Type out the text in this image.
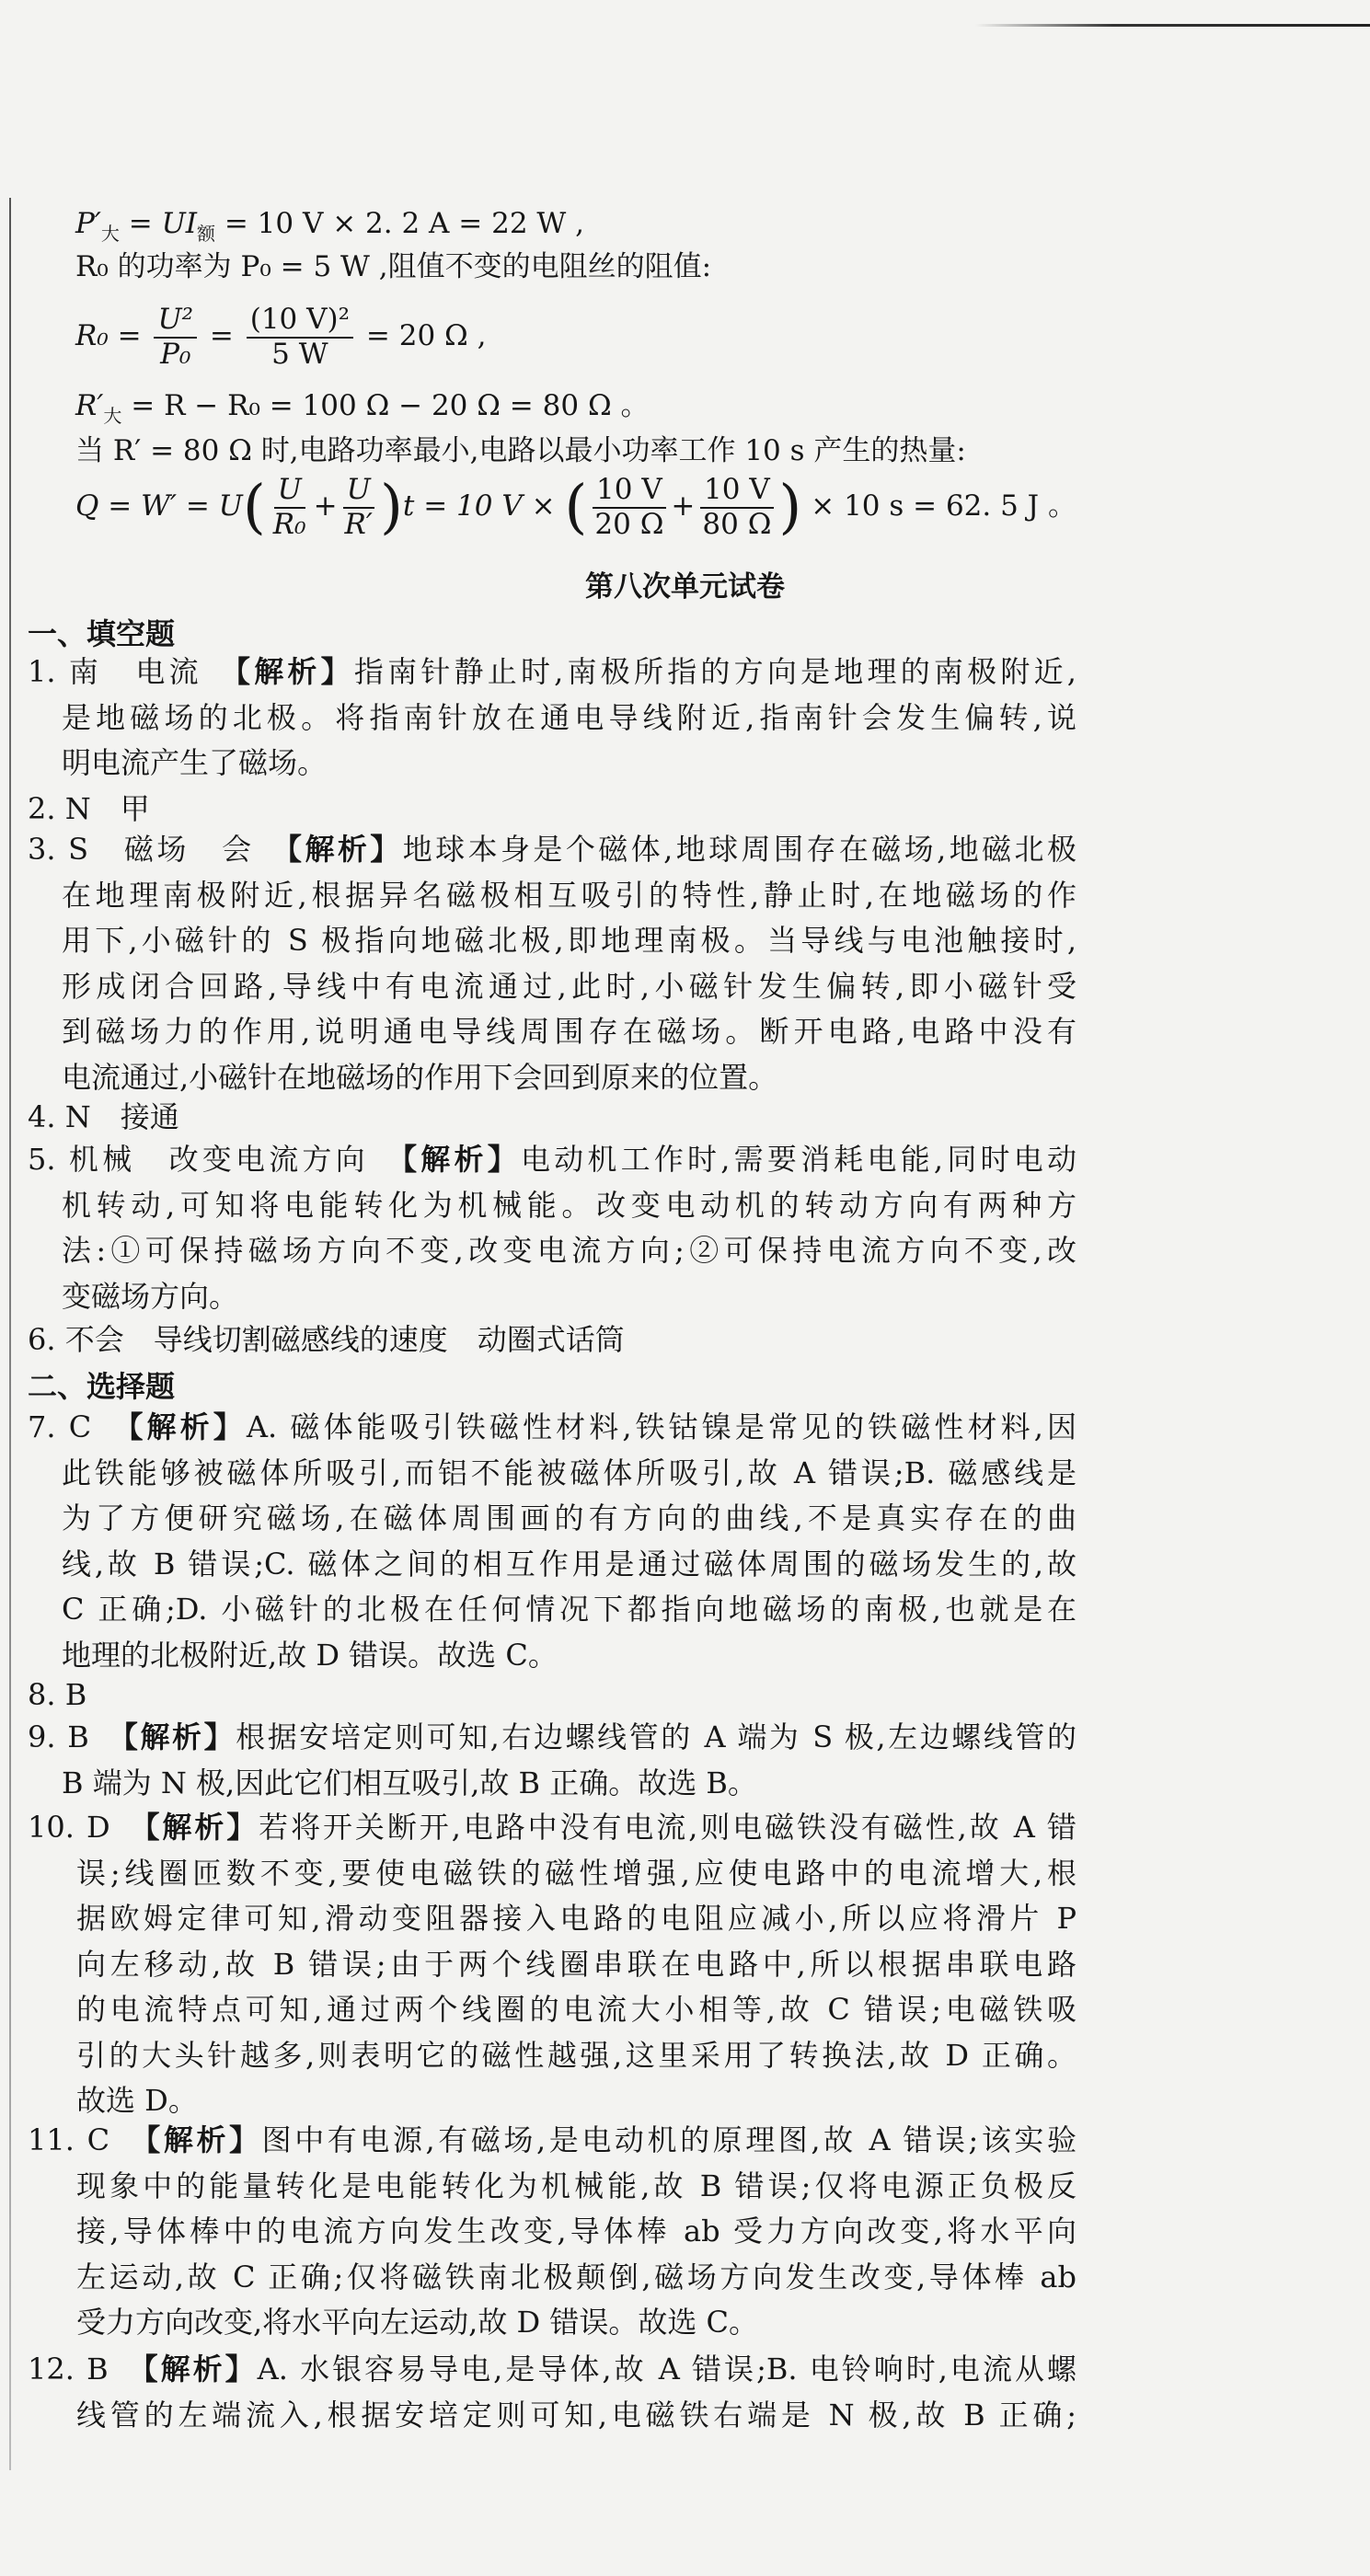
$P'_大 = UI_额 = 10$ V × 2. 2 A = 22 W ,
R₀ 的功率为 P₀ = 5 W ,阻值不变的电阻丝的阻值:
$R_0 = \frac{\text{U²}}{\text{P₀}} = \frac{\text{(10 V)²}}{5 W} = 20$ Ω ,
$R'_大 = R - R_0 = 100$ Ω − 20 Ω = 80 Ω 。
当 R′ = 80 Ω 时,电路功率最小,电路以最小功率工作 10 s 产生的热量:
$Q = W' = U( \frac{U}{\text{R₀}} + \frac{U}{R'} )t = 10$ V × ( $\frac{10 V}{20 \Omega} + \frac{10 V}{80 \Omega}$ ) × 10 s = 62. 5 J 。
第八次单元试卷
一、填空题
1. 南　电流　【解析】指南针静止时,南极所指的方向是地理的南极附近,
是地磁场的北极。将指南针放在通电导线附近,指南针会发生偏转,说
明电流产生了磁场。
2. N　甲
3. S　磁场　会　【解析】地球本身是个磁体,地球周围存在磁场,地磁北极
在地理南极附近,根据异名磁极相互吸引的特性,静止时,在地磁场的作
用下,小磁针的 S 极指向地磁北极,即地理南极。当导线与电池触接时,
形成闭合回路,导线中有电流通过,此时,小磁针发生偏转,即小磁针受
到磁场力的作用,说明通电导线周围存在磁场。断开电路,电路中没有
电流通过,小磁针在地磁场的作用下会回到原来的位置。
4. N　接通
5. 机械　改变电流方向　【解析】电动机工作时,需要消耗电能,同时电动
机转动,可知将电能转化为机械能。改变电动机的转动方向有两种方
法:①可保持磁场方向不变,改变电流方向;②可保持电流方向不变,改
变磁场方向。
6. 不会　导线切割磁感线的速度　动圈式话筒
二、选择题
7. C　【解析】A. 磁体能吸引铁磁性材料,铁钴镍是常见的铁磁性材料,因
此铁能够被磁体所吸引,而铝不能被磁体所吸引,故 A 错误;B. 磁感线是
为了方便研究磁场,在磁体周围画的有方向的曲线,不是真实存在的曲
线,故 B 错误;C. 磁体之间的相互作用是通过磁体周围的磁场发生的,故
C 正确;D. 小磁针的北极在任何情况下都指向地磁场的南极,也就是在
地理的北极附近,故 D 错误。故选 C。
8. B
9. B　【解析】根据安培定则可知,右边螺线管的 A 端为 S 极,左边螺线管的
B 端为 N 极,因此它们相互吸引,故 B 正确。故选 B。
10. D　【解析】若将开关断开,电路中没有电流,则电磁铁没有磁性,故 A 错
误;线圈匝数不变,要使电磁铁的磁性增强,应使电路中的电流增大,根
据欧姆定律可知,滑动变阻器接入电路的电阻应减小,所以应将滑片 P
向左移动,故 B 错误;由于两个线圈串联在电路中,所以根据串联电路
的电流特点可知,通过两个线圈的电流大小相等,故 C 错误;电磁铁吸
引的大头针越多,则表明它的磁性越强,这里采用了转换法,故 D 正确。
故选 D。
11. C　【解析】图中有电源,有磁场,是电动机的原理图,故 A 错误;该实验
现象中的能量转化是电能转化为机械能,故 B 错误;仅将电源正负极反
接,导体棒中的电流方向发生改变,导体棒 ab 受力方向改变,将水平向
左运动,故 C 正确;仅将磁铁南北极颠倒,磁场方向发生改变,导体棒 ab
受力方向改变,将水平向左运动,故 D 错误。故选 C。
12. B　【解析】A. 水银容易导电,是导体,故 A 错误;B. 电铃响时,电流从螺
线管的左端流入,根据安培定则可知,电磁铁右端是 N 极,故 B 正确;
